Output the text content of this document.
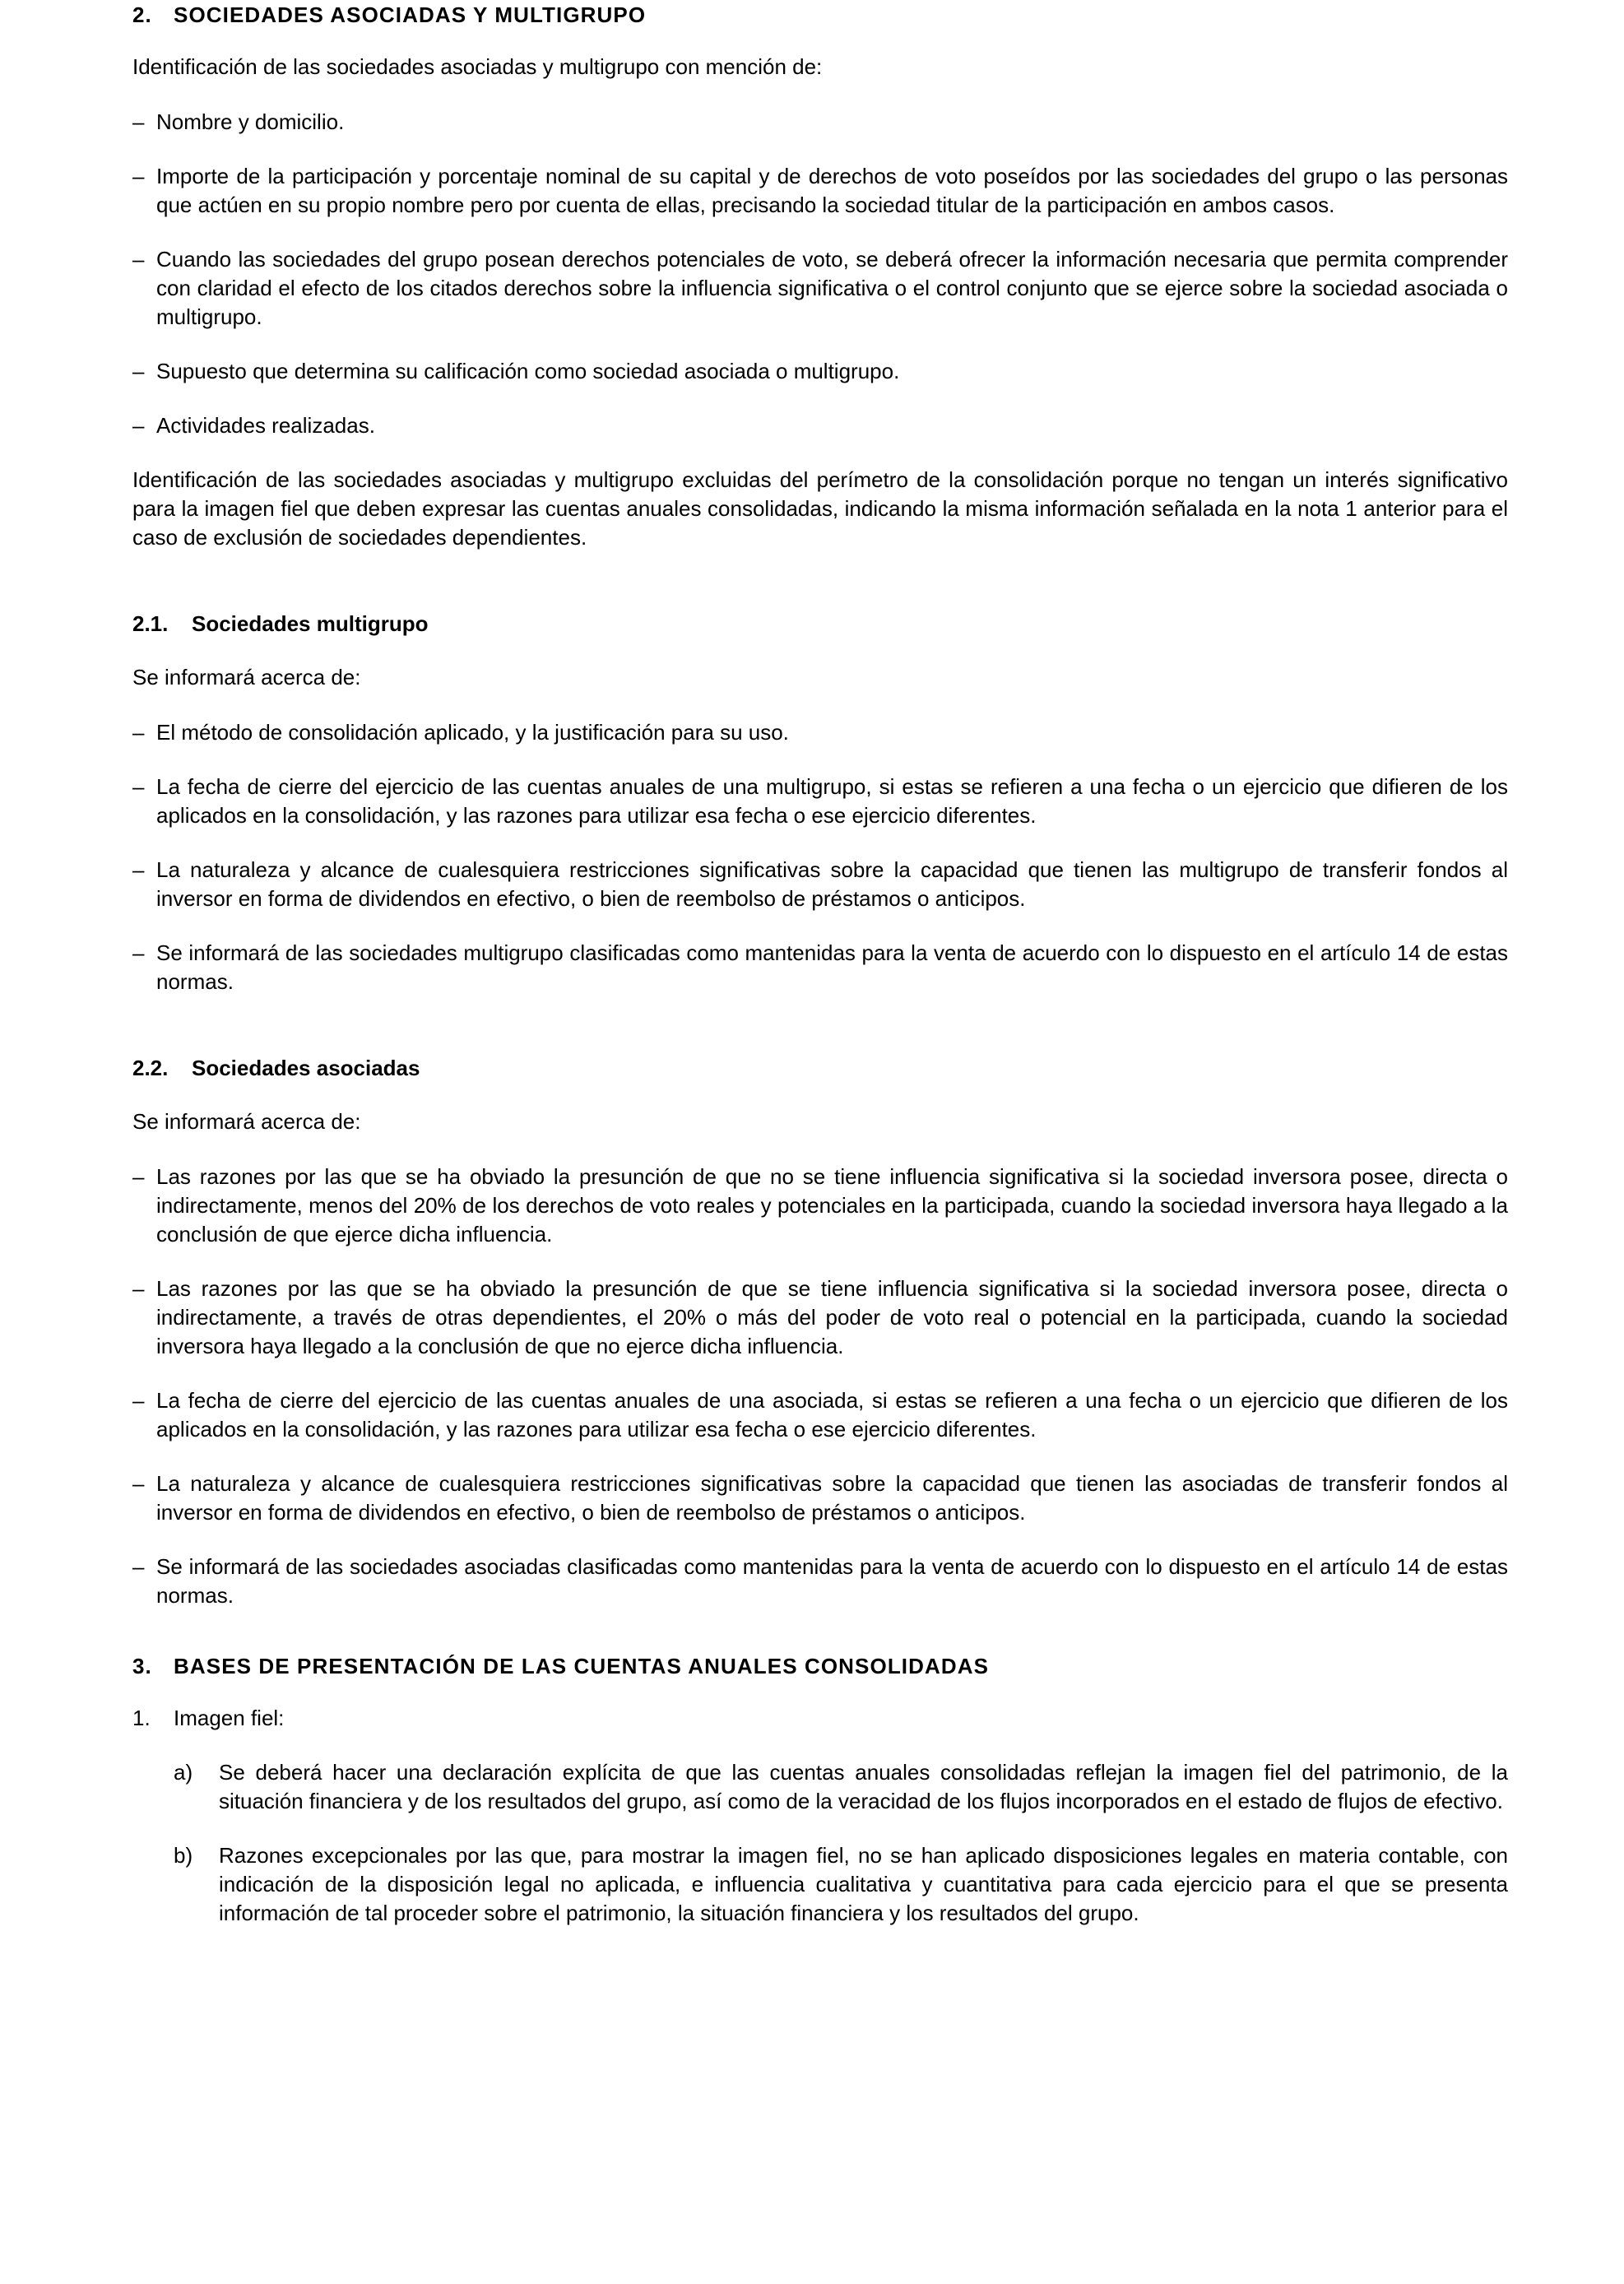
2.	SOCIEDADES ASOCIADAS Y MULTIGRUPO

Identificación de las sociedades asociadas y multigrupo con mención de:

– Nombre y domicilio.
– Importe de la participación y porcentaje nominal de su capital y de derechos de voto poseídos por las sociedades del grupo o las personas que actúen en su propio nombre pero por cuenta de ellas, precisando la sociedad titular de la participación en ambos casos.
– Cuando las sociedades del grupo posean derechos potenciales de voto, se deberá ofrecer la información necesaria que permita comprender con claridad el efecto de los citados derechos sobre la influencia significativa o el control conjunto que se ejerce sobre la sociedad asociada o multigrupo.
– Supuesto que determina su calificación como sociedad asociada o multigrupo.
– Actividades realizadas.

Identificación de las sociedades asociadas y multigrupo excluidas del perímetro de la consolidación porque no tengan un interés significativo para la imagen fiel que deben expresar las cuentas anuales consolidadas, indicando la misma información señalada en la nota 1 anterior para el caso de exclusión de sociedades dependientes.

2.1.	Sociedades multigrupo

Se informará acerca de:

– El método de consolidación aplicado, y la justificación para su uso.
– La fecha de cierre del ejercicio de las cuentas anuales de una multigrupo, si estas se refieren a una fecha o un ejercicio que difieren de los aplicados en la consolidación, y las razones para utilizar esa fecha o ese ejercicio diferentes.
– La naturaleza y alcance de cualesquiera restricciones significativas sobre la capacidad que tienen las multigrupo de transferir fondos al inversor en forma de dividendos en efectivo, o bien de reembolso de préstamos o anticipos.
– Se informará de las sociedades multigrupo clasificadas como mantenidas para la venta de acuerdo con lo dispuesto en el artículo 14 de estas normas.
2.2.	Sociedades asociadas

Se informará acerca de:

– Las razones por las que se ha obviado la presunción de que no se tiene influencia significativa si la sociedad inversora posee, directa o indirectamente, menos del 20% de los derechos de voto reales y potenciales en la participada, cuando la sociedad inversora haya llegado a la conclusión de que ejerce dicha influencia.
– Las razones por las que se ha obviado la presunción de que se tiene influencia significativa si la sociedad inversora posee, directa o indirectamente, a través de otras dependientes, el 20% o más del poder de voto real o potencial en la participada, cuando la sociedad inversora haya llegado a la conclusión de que no ejerce dicha influencia.
– La fecha de cierre del ejercicio de las cuentas anuales de una asociada, si estas se refieren a una fecha o un ejercicio que difieren de los aplicados en la consolidación, y las razones para utilizar esa fecha o ese ejercicio diferentes.
– La naturaleza y alcance de cualesquiera restricciones significativas sobre la capacidad que tienen las asociadas de transferir fondos al inversor en forma de dividendos en efectivo, o bien de reembolso de préstamos o anticipos.
– Se informará de las sociedades asociadas clasificadas como mantenidas para la venta de acuerdo con lo dispuesto en el artículo 14 de estas normas.
3.	BASES DE PRESENTACIÓN DE LAS CUENTAS ANUALES CONSOLIDADAS
1.	Imagen fiel:
a)	Se deberá hacer una declaración explícita de que las cuentas anuales consolidadas reflejan la imagen fiel del patrimonio, de la situación financiera y de los resultados del grupo, así como de la veracidad de los flujos incorporados en el estado de flujos de efectivo.
b)	Razones excepcionales por las que, para mostrar la imagen fiel, no se han aplicado disposiciones legales en materia contable, con indicación de la disposición legal no aplicada, e influencia cualitativa y cuantitativa para cada ejercicio para el que se presenta información de tal proceder sobre el patrimonio, la situación financiera y los resultados del grupo.
